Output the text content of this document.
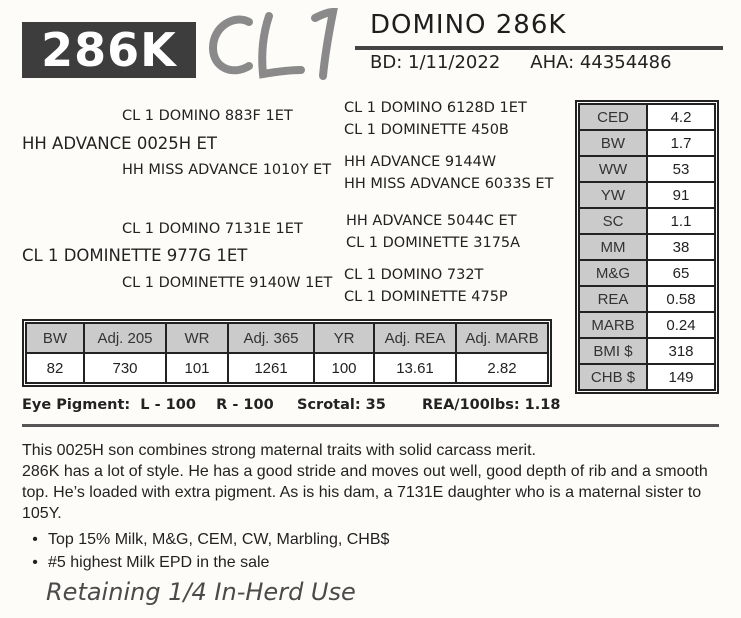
286K	DOMINO 286K
BD: 1/11/2022 AHA: 44354486
CL 1 DOMINO 883F 1ET	CL 1 DOMINO 6128D 1ET
CL 1 DOMINETTE 450B
HH ADVANCE 0025H ET
HH MISS ADVANCE 1010Y ET HH ADVANCE 9144W
HH MISS ADVANCE 6033S ET
CL 1 DOMINO 7131E 1ET	HH ADVANCE 5044C ET
CL 1 DOMINETTE 3175A
CL 1 DOMINETTE 977G 1ET
CL 1 DOMINETTE 9140W 1ET CL 1 DOMINO 732T
CL 1 DOMINETTE 475P
CED	4.2
BW	1.7
WW	53
YW	91
SC	1.1
MM	38
M&G	65
REA	0.58
MARB	0.24
BMI $	318
CHB $	149
BW	Adj. 205	WR	Adj. 365	YR	Adj. REA	Adj. MARB
82	730	101	1261	100	13.61	2.82
Eye Pigment:  L - 100    R - 100 Scrotal: 35 REA/100lbs: 1.18
This 0025H son combines strong maternal traits with solid carcass merit.
286K has a lot of style. He has a good stride and moves out well, good depth of rib and a smooth top. He’s loaded with extra pigment. As is his dam, a 7131E daughter who is a maternal sister to 105Y.
• Top 15% Milk, M&G, CEM, CW, Marbling, CHB$
• #5 highest Milk EPD in the sale
Retaining 1/4 In-Herd Use
